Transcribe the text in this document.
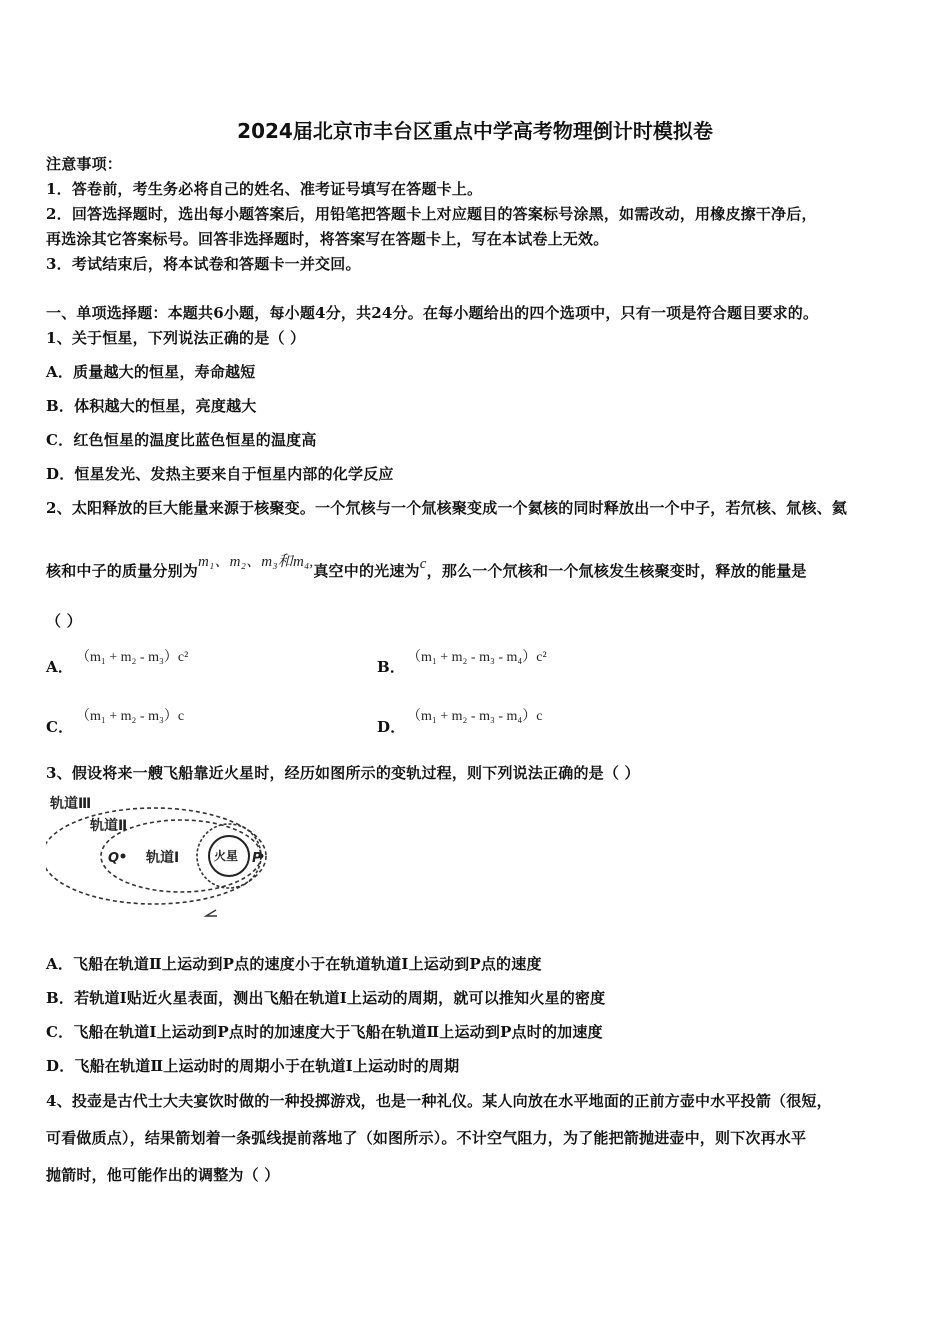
2024届北京市丰台区重点中学高考物理倒计时模拟卷
注意事项：
1．答卷前，考生务必将自己的姓名、准考证号填写在答题卡上。
2．回答选择题时，选出每小题答案后，用铅笔把答题卡上对应题目的答案标号涂黑，如需改动，用橡皮擦干净后，
再选涂其它答案标号。回答非选择题时，将答案写在答题卡上，写在本试卷上无效。
3．考试结束后，将本试卷和答题卡一并交回。
一、单项选择题：本题共6小题，每小题4分，共24分。在每小题给出的四个选项中，只有一项是符合题目要求的。
1、关于恒星，下列说法正确的是（ ）
A．质量越大的恒星，寿命越短
B．体积越大的恒星，亮度越大
C．红色恒星的温度比蓝色恒星的温度高
D．恒星发光、发热主要来自于恒星内部的化学反应
2、太阳释放的巨大能量来源于核聚变。一个氘核与一个氚核聚变成一个氦核的同时释放出一个中子，若氘核、氚核、氦
核和中子的质量分别为m₁、m₂、m₃和m₄,真空中的光速为c，那么一个氘核和一个氚核发生核聚变时，释放的能量是
（ ）
A．
（m₁ + m₂ - m₃）c²
B．
（m₁ + m₂ - m₃ - m₄）c²
C．
（m₁ + m₂ - m₃）c
D．
（m₁ + m₂ - m₃ - m₄）c
3、假设将来一艘飞船靠近火星时，经历如图所示的变轨过程，则下列说法正确的是（ ）
轨道Ⅲ
轨道Ⅱ
轨道Ⅰ	火星
Q	P
A．飞船在轨道Ⅱ上运动到P点的速度小于在轨道轨道Ⅰ上运动到P点的速度
B．若轨道I贴近火星表面，测出飞船在轨道I上运动的周期，就可以推知火星的密度
C．飞船在轨道I上运动到P点时的加速度大于飞船在轨道Ⅱ上运动到P点时的加速度
D．飞船在轨道Ⅱ上运动时的周期小于在轨道I上运动时的周期
4、投壶是古代士大夫宴饮时做的一种投掷游戏，也是一种礼仪。某人向放在水平地面的正前方壶中水平投箭（很短，
可看做质点），结果箭划着一条弧线提前落地了（如图所示）。不计空气阻力，为了能把箭抛进壶中，则下次再水平
抛箭时，他可能作出的调整为（ ）
